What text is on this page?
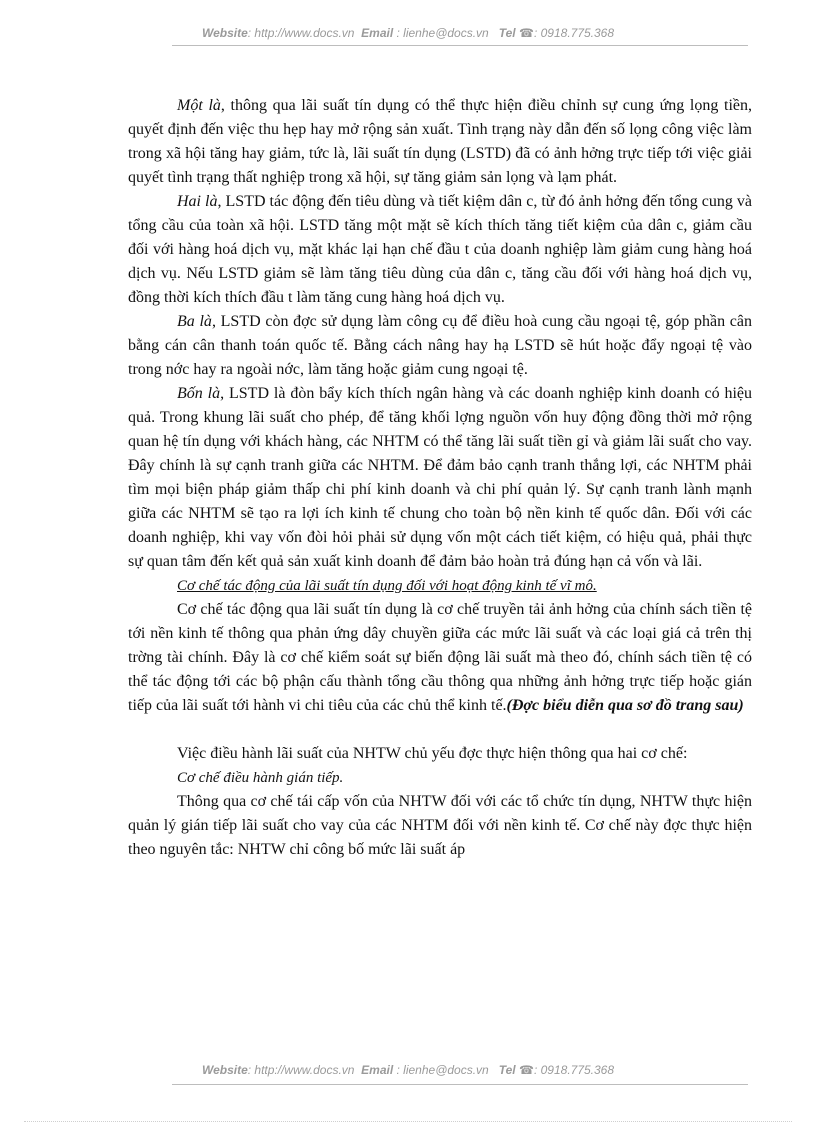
Website: http://www.docs.vn Email : lienhe@docs.vn Tel ☎: 0918.775.368

Một là, thông qua lãi suất tín dụng có thể thực hiện điều chỉnh sự cung ứng lọng tiền, quyết định đến việc thu hẹp hay mở rộng sản xuất. Tình trạng này dẫn đến số lọng công việc làm trong xã hội tăng hay giảm, tức là, lãi suất tín dụng (LSTD) đã có ảnh hởng trực tiếp tới việc giải quyết tình trạng thất nghiệp trong xã hội, sự tăng giảm sản lọng và lạm phát.

Hai là, LSTD tác động đến tiêu dùng và tiết kiệm dân c, từ đó ảnh hởng đến tổng cung và tổng cầu của toàn xã hội. LSTD tăng một mặt sẽ kích thích tăng tiết kiệm của dân c, giảm cầu đối với hàng hoá dịch vụ, mặt khác lại hạn chế đầu t của doanh nghiệp làm giảm cung hàng hoá dịch vụ. Nếu LSTD giảm sẽ làm tăng tiêu dùng của dân c, tăng cầu đối với hàng hoá dịch vụ, đồng thời kích thích đầu t làm tăng cung hàng hoá dịch vụ.

Ba là, LSTD còn đợc sử dụng làm công cụ để điều hoà cung cầu ngoại tệ, góp phần cân bằng cán cân thanh toán quốc tế. Bằng cách nâng hay hạ LSTD sẽ hút hoặc đẩy ngoại tệ vào trong nớc hay ra ngoài nớc, làm tăng hoặc giảm cung ngoại tệ.

Bốn là, LSTD là đòn bẩy kích thích ngân hàng và các doanh nghiệp kinh doanh có hiệu quả. Trong khung lãi suất cho phép, để tăng khối lợng nguồn vốn huy động đồng thời mở rộng quan hệ tín dụng với khách hàng, các NHTM có thể tăng lãi suất tiền gỉ và giảm lãi suất cho vay. Đây chính là sự cạnh tranh giữa các NHTM. Để đảm bảo cạnh tranh thắng lợi, các NHTM phải tìm mọi biện pháp giảm thấp chi phí kinh doanh và chi phí quản lý. Sự cạnh tranh lành mạnh giữa các NHTM sẽ tạo ra lợi ích kinh tế chung cho toàn bộ nền kinh tế quốc dân. Đối với các doanh nghiệp, khi vay vốn đòi hỏi phải sử dụng vốn một cách tiết kiệm, có hiệu quả, phải thực sự quan tâm đến kết quả sản xuất kinh doanh để đảm bảo hoàn trả đúng hạn cả vốn và lãi.

Cơ chế tác động của lãi suất tín dụng đối với hoạt động kinh tế vĩ mô.

Cơ chế tác động qua lãi suất tín dụng là cơ chế truyền tải ảnh hởng của chính sách tiền tệ tới nền kinh tế thông qua phản ứng dây chuyền giữa các mức lãi suất và các loại giá cả trên thị trờng tài chính. Đây là cơ chế kiểm soát sự biến động lãi suất mà theo đó, chính sách tiền tệ có thể tác động tới các bộ phận cấu thành tổng cầu thông qua những ảnh hởng trực tiếp hoặc gián tiếp của lãi suất tới hành vi chi tiêu của các chủ thể kinh tế.(Đợc biểu diễn qua sơ đồ trang sau)

Việc điều hành lãi suất của NHTW chủ yếu đợc thực hiện thông qua hai cơ chế:

Cơ chế điều hành gián tiếp.

Thông qua cơ chế tái cấp vốn của NHTW đối với các tổ chức tín dụng, NHTW thực hiện quản lý gián tiếp lãi suất cho vay của các NHTM đối với nền kinh tế. Cơ chế này đợc thực hiện theo nguyên tắc: NHTW chỉ công bố mức lãi suất áp

Website: http://www.docs.vn Email : lienhe@docs.vn Tel ☎: 0918.775.368
